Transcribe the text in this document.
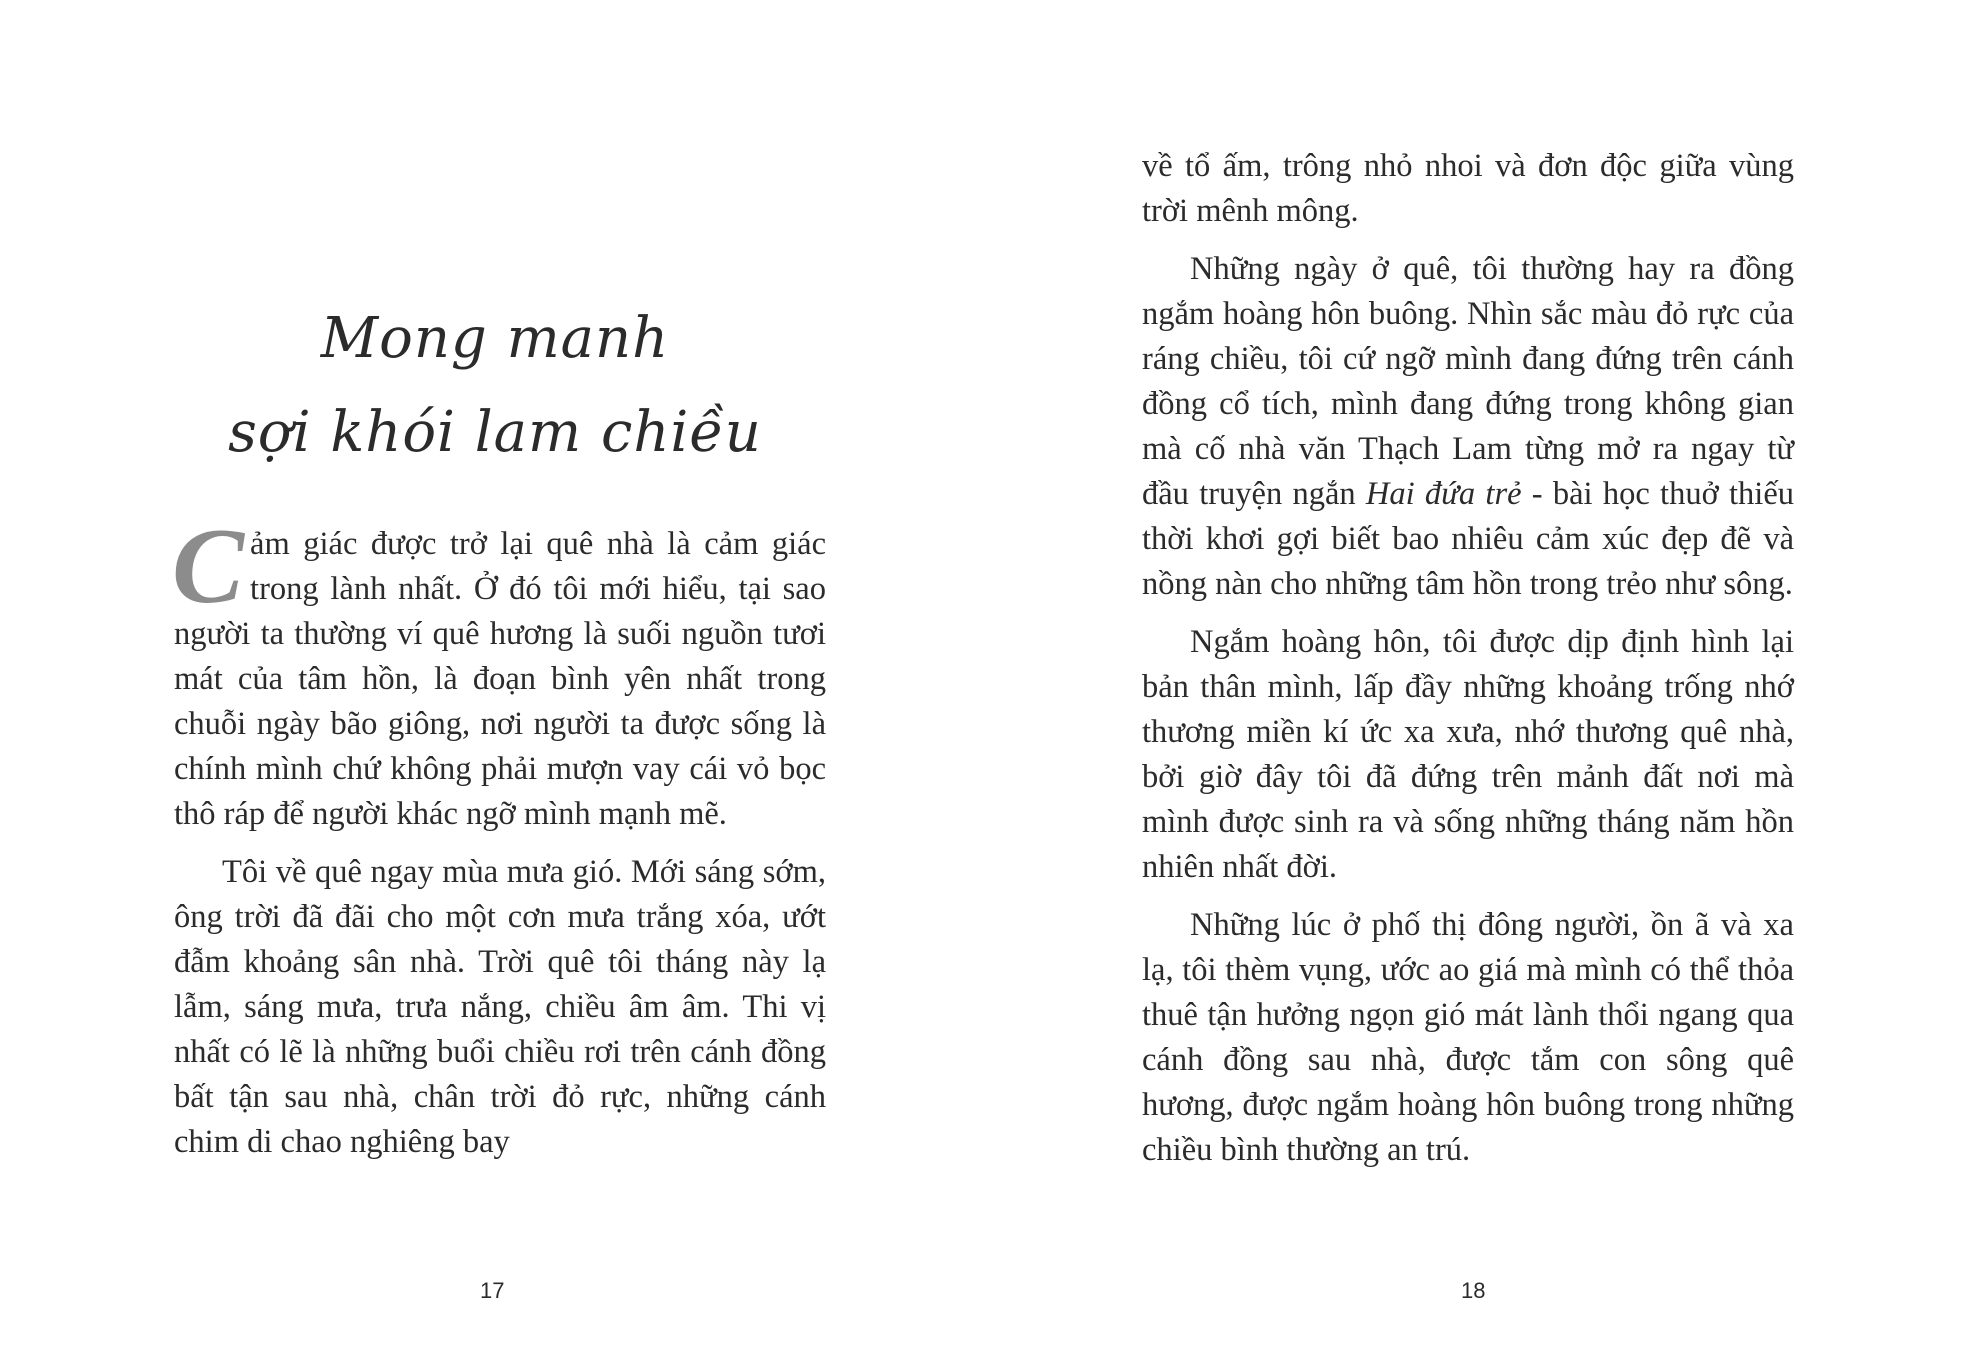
Mong manh
sợi khói lam chiều

Cảm giác được trở lại quê nhà là cảm giác trong lành nhất. Ở đó tôi mới hiểu, tại sao người ta thường ví quê hương là suối nguồn tươi mát của tâm hồn, là đoạn bình yên nhất trong chuỗi ngày bão giông, nơi người ta được sống là chính mình chứ không phải mượn vay cái vỏ bọc thô ráp để người khác ngỡ mình mạnh mẽ.

Tôi về quê ngay mùa mưa gió. Mới sáng sớm, ông trời đã đãi cho một cơn mưa trắng xóa, ướt đẫm khoảng sân nhà. Trời quê tôi tháng này lạ lẫm, sáng mưa, trưa nắng, chiều âm âm. Thi vị nhất có lẽ là những buổi chiều rơi trên cánh đồng bất tận sau nhà, chân trời đỏ rực, những cánh chim di chao nghiêng bay

17

về tổ ấm, trông nhỏ nhoi và đơn độc giữa vùng trời mênh mông.

Những ngày ở quê, tôi thường hay ra đồng ngắm hoàng hôn buông. Nhìn sắc màu đỏ rực của ráng chiều, tôi cứ ngỡ mình đang đứng trên cánh đồng cổ tích, mình đang đứng trong không gian mà cố nhà văn Thạch Lam từng mở ra ngay từ đầu truyện ngắn Hai đứa trẻ - bài học thuở thiếu thời khơi gợi biết bao nhiêu cảm xúc đẹp đẽ và nồng nàn cho những tâm hồn trong trẻo như sông.

Ngắm hoàng hôn, tôi được dịp định hình lại bản thân mình, lấp đầy những khoảng trống nhớ thương miền kí ức xa xưa, nhớ thương quê nhà, bởi giờ đây tôi đã đứng trên mảnh đất nơi mà mình được sinh ra và sống những tháng năm hồn nhiên nhất đời.

Những lúc ở phố thị đông người, ồn ã và xa lạ, tôi thèm vụng, ước ao giá mà mình có thể thỏa thuê tận hưởng ngọn gió mát lành thổi ngang qua cánh đồng sau nhà, được tắm con sông quê hương, được ngắm hoàng hôn buông trong những chiều bình thường an trú.

18
